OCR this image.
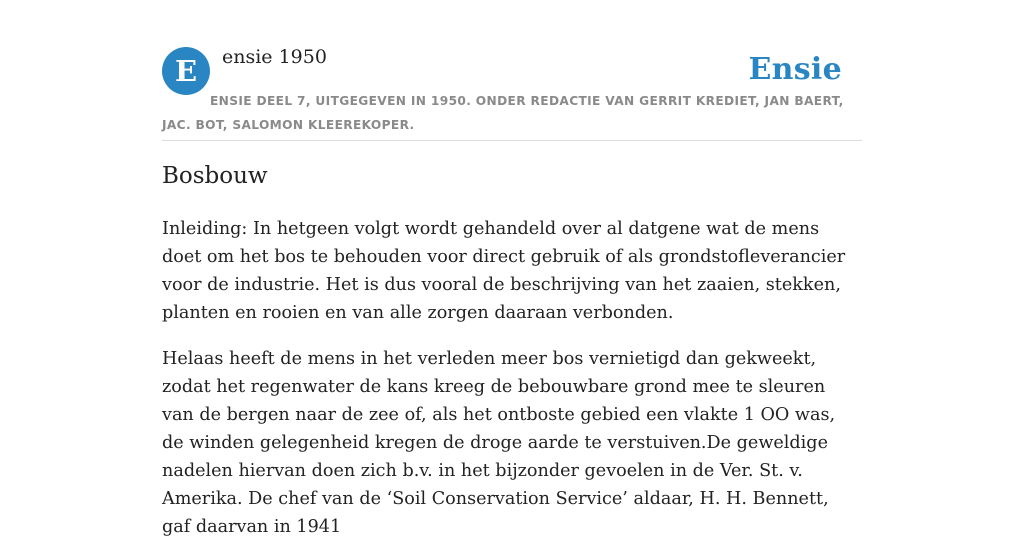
E	ensie 1950	Ensie
ENSIE DEEL 7, UITGEGEVEN IN 1950. ONDER REDACTIE VAN GERRIT KREDIET, JAN BAERT, JAC. BOT, SALOMON KLEEREKOPER.
Bosbouw

Inleiding: In hetgeen volgt wordt gehandeld over al datgene wat de mens doet om het bos te behouden voor direct gebruik of als grondstofleverancier voor de industrie. Het is dus vooral de beschrijving van het zaaien, stekken, planten en rooien en van alle zorgen daaraan verbonden.

Helaas heeft de mens in het verleden meer bos vernietigd dan gekweekt, zodat het regenwater de kans kreeg de bebouwbare grond mee te sleuren van de bergen naar de zee of, als het ontboste gebied een vlakte 1 OO was, de winden gelegenheid kregen de droge aarde te verstuiven.De geweldige nadelen hiervan doen zich b.v. in het bijzonder gevoelen in de Ver. St. v. Amerika. De chef van de ‘Soil Conservation Service’ aldaar, H. H. Bennett, gaf daarvan in 1941
